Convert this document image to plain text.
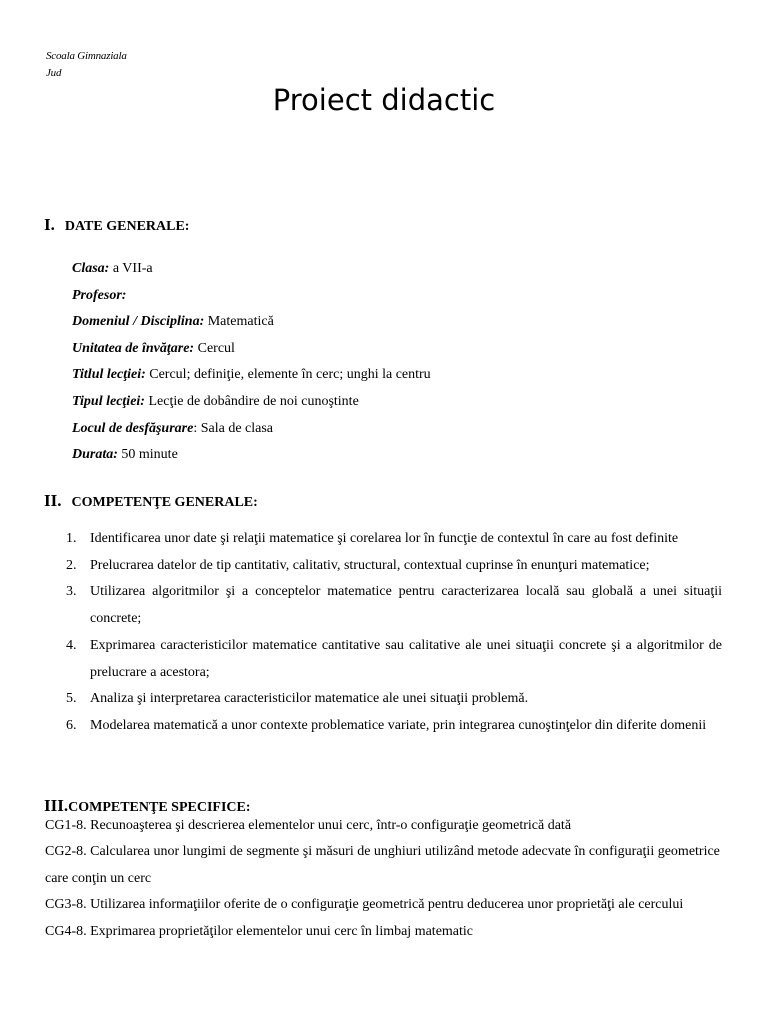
Scoala Gimnaziala
Jud
Proiect didactic
I. DATE GENERALE:
Clasa: a VII-a
Profesor:
Domeniul / Disciplina: Matematică
Unitatea de învăţare: Cercul
Titlul lecţiei: Cercul; definiţie, elemente în cerc; unghi la centru
Tipul lecţiei: Lecţie de dobândire de noi cunoştinte
Locul de desfăşurare: Sala de clasa
Durata: 50 minute
II. COMPETENŢE GENERALE:
1. Identificarea unor date şi relaţii matematice şi corelarea lor în funcţie de contextul în care au fost definite
2. Prelucrarea datelor de tip cantitativ, calitativ, structural, contextual cuprinse în enunţuri matematice;
3. Utilizarea algoritmilor şi a conceptelor matematice pentru caracterizarea locală sau globală a unei situaţii concrete;
4. Exprimarea caracteristicilor matematice cantitative sau calitative ale unei situaţii concrete şi a algoritmilor de prelucrare a acestora;
5. Analiza şi interpretarea caracteristicilor matematice ale unei situaţii problemă.
6. Modelarea matematică a unor contexte problematice variate, prin integrarea cunoştinţelor din diferite domenii
III.COMPETENŢE SPECIFICE:

CG1-8. Recunoaşterea şi descrierea elementelor unui cerc, într-o configuraţie geometrică dată

CG2-8. Calcularea unor lungimi de segmente şi măsuri de unghiuri utilizând metode adecvate în configuraţii geometrice care conţin un cerc

CG3-8. Utilizarea informaţiilor oferite de o configuraţie geometrică pentru deducerea unor proprietăţi ale cercului

CG4-8. Exprimarea proprietăţilor elementelor unui cerc în limbaj matematic
